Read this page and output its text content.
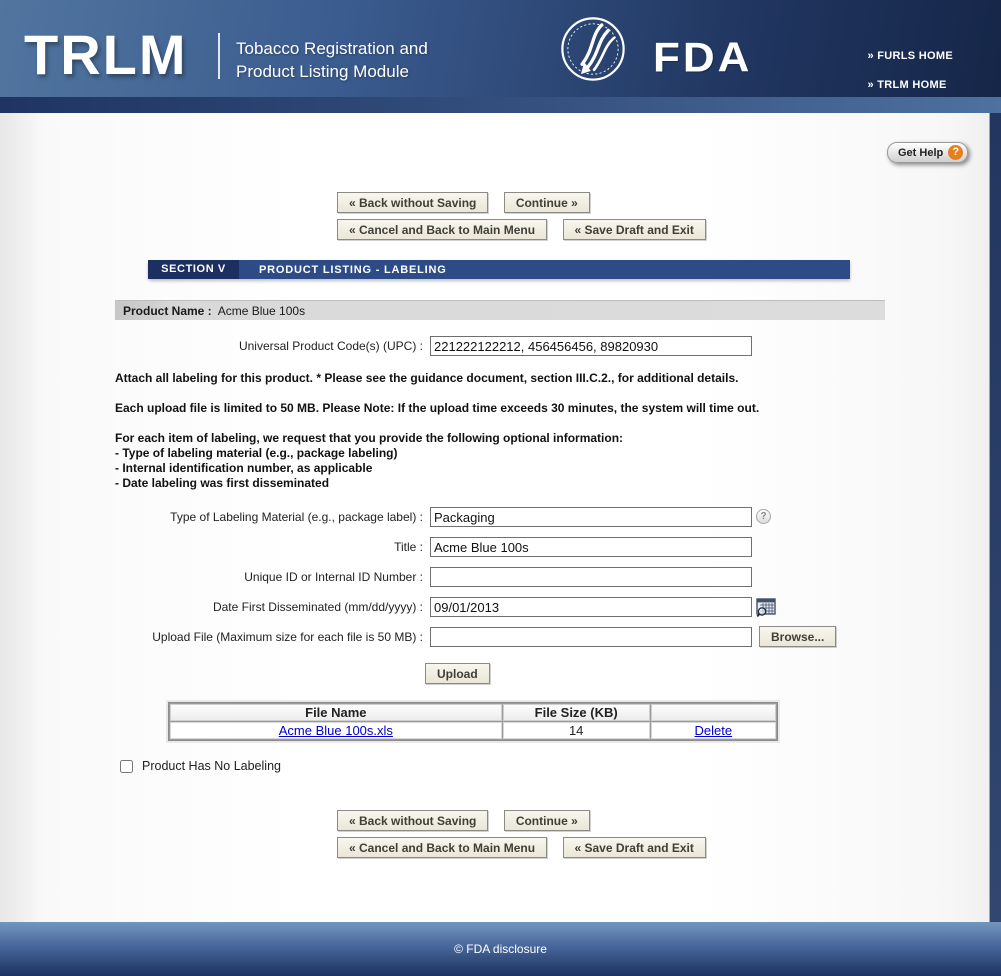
TRLM	Tobacco Registration and
Product Listing Module	FDA	» FURLS HOME
» TRLM HOME
Get Help ?
« Back without Saving	Continue »
« Cancel and Back to Main Menu	« Save Draft and Exit
SECTION V	PRODUCT LISTING - LABELING
Product Name : Acme Blue 100s
Universal Product Code(s) (UPC) :
221222122212, 456456456, 89820930
Attach all labeling for this product. * Please see the guidance document, section III.C.2., for additional details.
Each upload file is limited to 50 MB. Please Note: If the upload time exceeds 30 minutes, the system will time out.
For each item of labeling, we request that you provide the following optional information:
- Type of labeling material (e.g., package labeling)
- Internal identification number, as applicable
- Date labeling was first disseminated
Type of Labeling Material (e.g., package label) :
Packaging	?
Title :
Acme Blue 100s
Unique ID or Internal ID Number :
Date First Disseminated (mm/dd/yyyy) :
09/01/2013
Upload File (Maximum size for each file is 50 MB) :	Browse...
Upload
File Name	File Size (KB)	
Acme Blue 100s.xls	14	Delete
Product Has No Labeling
« Back without Saving	Continue »
« Cancel and Back to Main Menu	« Save Draft and Exit
© FDA disclosure
